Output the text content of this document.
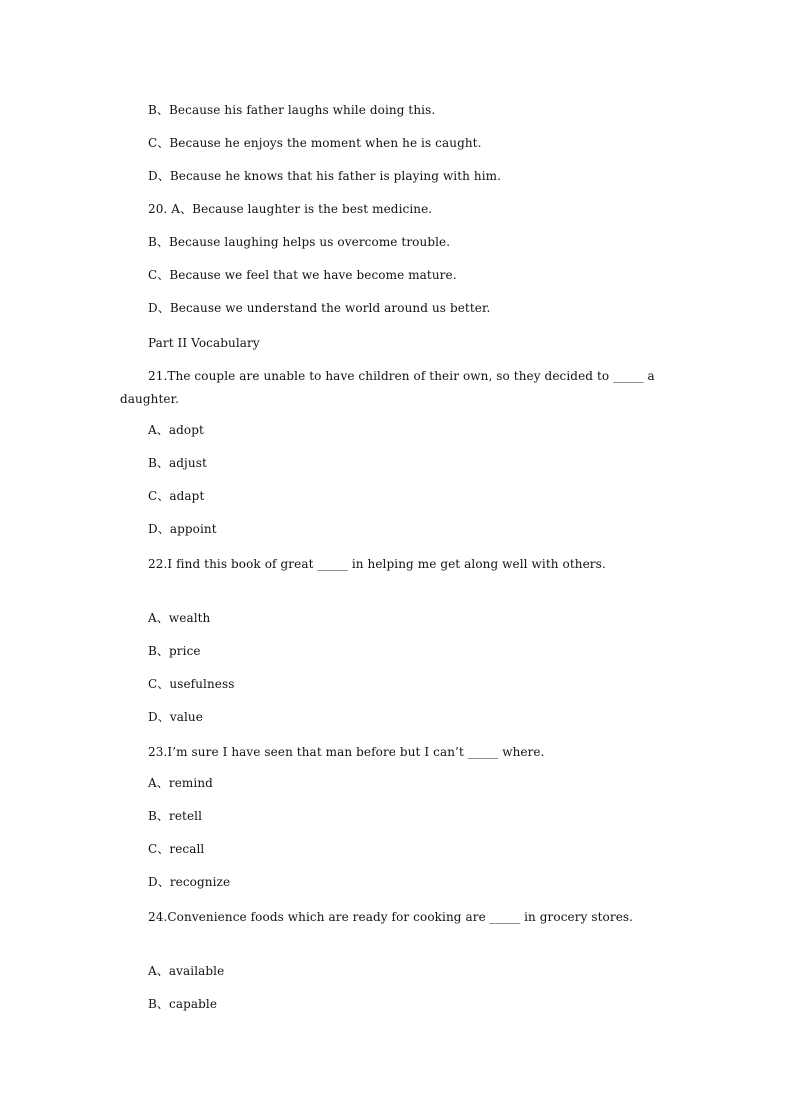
B、Because his father laughs while doing this.
C、Because he enjoys the moment when he is caught.
D、Because he knows that his father is playing with him.
20. A、Because laughter is the best medicine.
B、Because laughing helps us overcome trouble.
C、Because we feel that we have become mature.
D、Because we understand the world around us better.
Part II Vocabulary
21.The couple are unable to have children of their own, so they decided to _____ a daughter.
A、adopt
B、adjust
C、adapt
D、appoint
22.I find this book of great _____ in helping me get along well with others.
A、wealth
B、price
C、usefulness
D、value
23.I’m sure I have seen that man before but I can’t _____ where.
A、remind
B、retell
C、recall
D、recognize
24.Convenience foods which are ready for cooking are _____ in grocery stores.
A、available
B、capable
